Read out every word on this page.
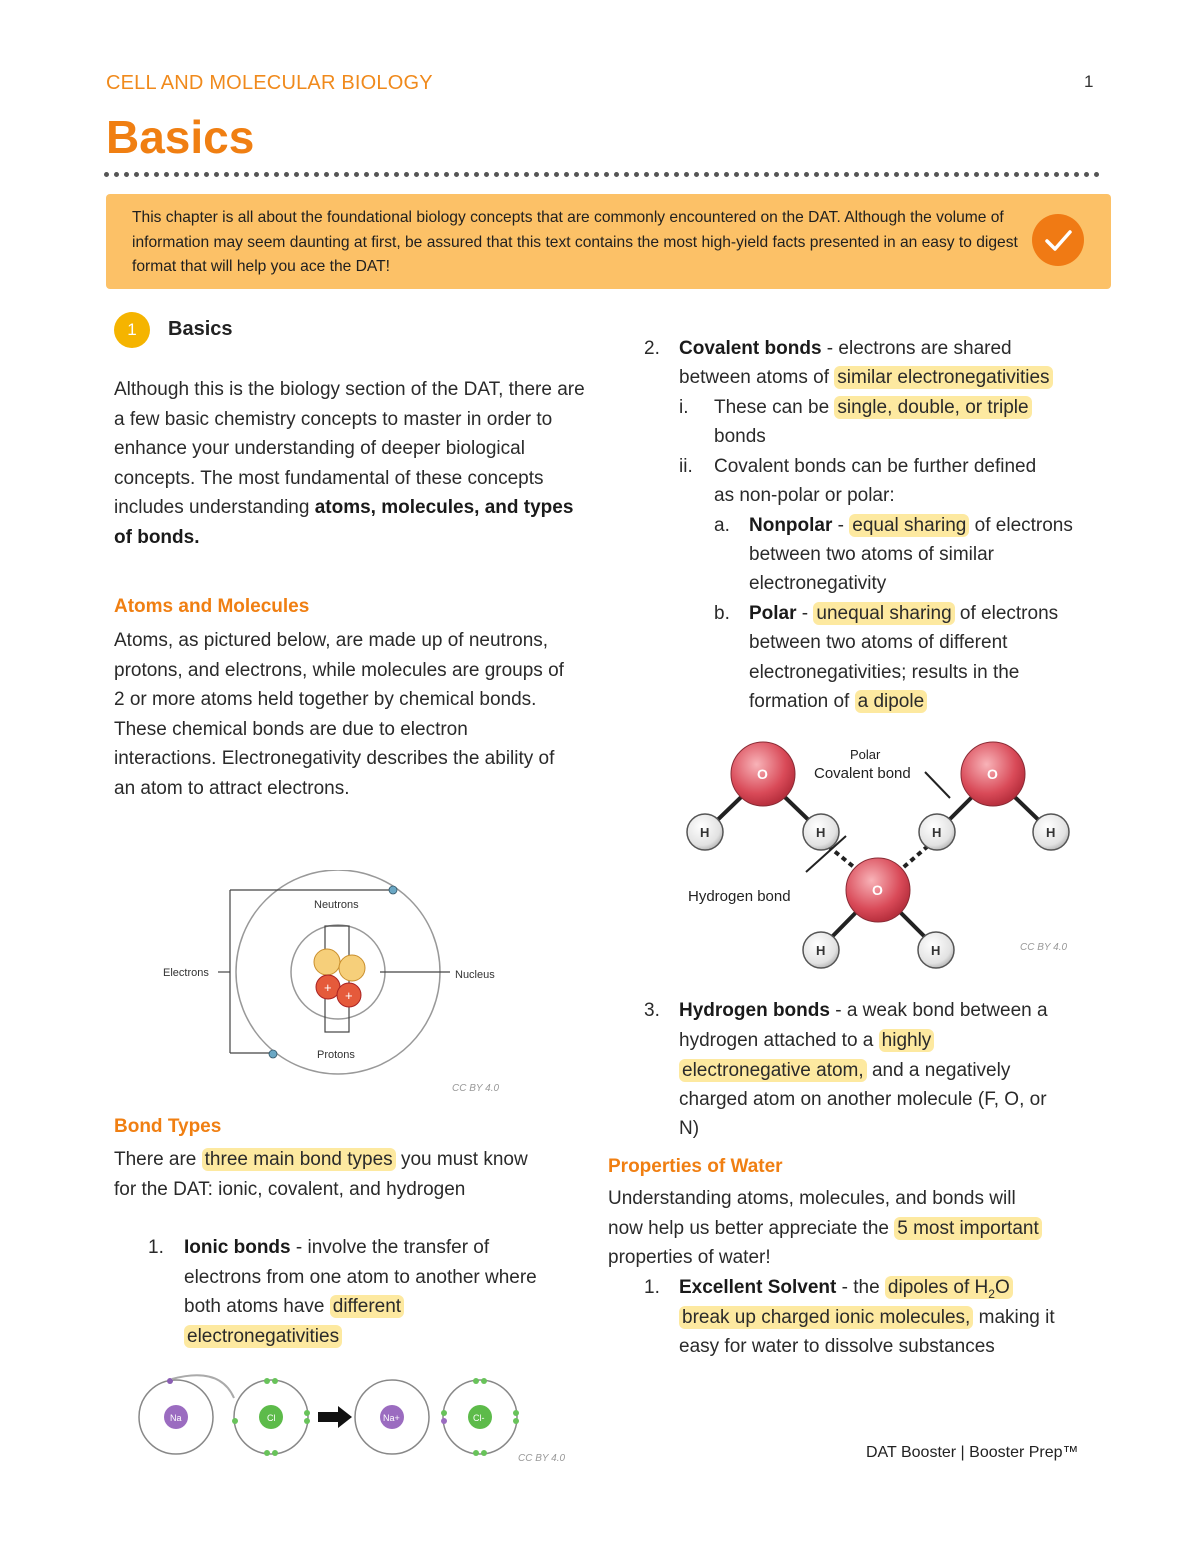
CELL AND MOLECULAR BIOLOGY	1
Basics

This chapter is all about the foundational biology concepts that are commonly encountered on the DAT. Although the volume of information may seem daunting at first, be assured that this text contains the most high-yield facts presented in an easy to digest format that will help you ace the DAT!

1	Basics
Although this is the biology section of the DAT, there are a few basic chemistry concepts to master in order to enhance your understanding of deeper biological concepts. The most fundamental of these concepts includes understanding atoms, molecules, and types of bonds.
Atoms and Molecules
Atoms, as pictured below, are made up of neutrons, protons, and electrons, while molecules are groups of 2 or more atoms held together by chemical bonds. These chemical bonds are due to electron interactions. Electronegativity describes the ability of an atom to attract electrons.
+
+
Neutrons
Protons
Electrons	Nucleus
CC BY 4.0
Bond Types
There are three main bond types you must know for the DAT: ionic, covalent, and hydrogen
1. Ionic bonds - involve the transfer of electrons from one atom to another where both atoms have different electronegativities
Na	Cl	Na+	Cl-
CC BY 4.0
2. Covalent bonds - electrons are shared
between atoms of similar electronegativities
i. These can be single, double, or triple
bonds
ii. Covalent bonds can be further defined
as non-polar or polar:
a. Nonpolar - equal sharing of electrons
between two atoms of similar
electronegativity
b. Polar - unequal sharing of electrons
between two atoms of different
electronegativities; results in the
formation of a dipole
O	O
O
H	H	H	H
H	H
Polar
Covalent bond
Hydrogen bond
CC BY 4.0
3. Hydrogen bonds - a weak bond between a
hydrogen attached to a highly
electronegative atom, and a negatively
charged atom on another molecule (F, O, or
N)
Properties of Water
Understanding atoms, molecules, and bonds will
now help us better appreciate the 5 most important
properties of water!
1. Excellent Solvent - the dipoles of $H_2O$
break up charged ionic molecules, making it
easy for water to dissolve substances
DAT Booster | Booster Prep™
